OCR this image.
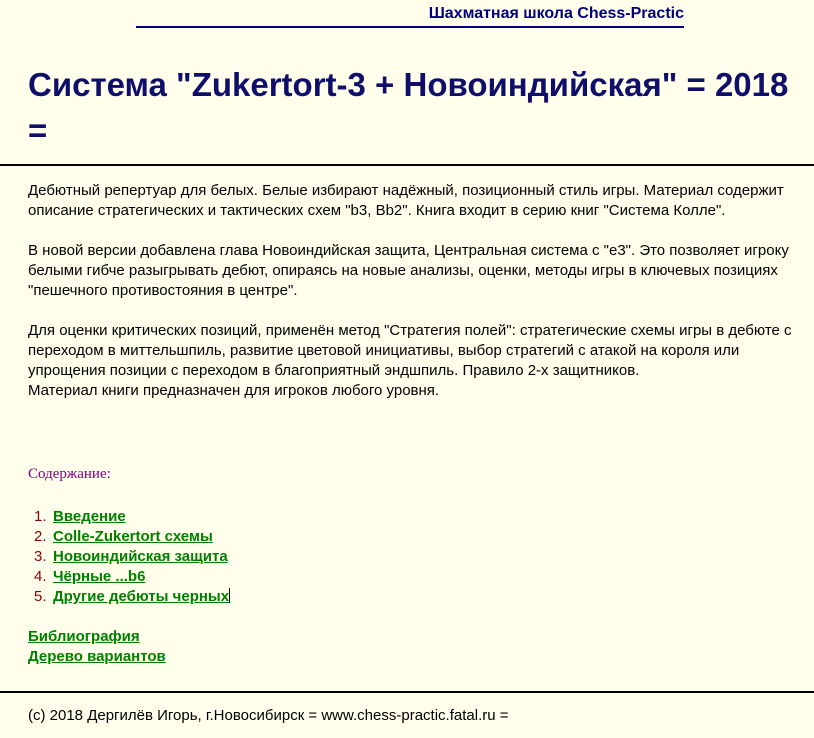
Шахматная школа Chess-Practic
Система "Zukertort-3 + Новоиндийская" = 2018 =

Дебютный репертуар для белых. Белые избирают надёжный, позиционный стиль игры. Материал содержит описание стратегических и тактических схем "b3, Bb2". Книга входит в серию книг "Система Колле".

В новой версии добавлена глава Новоиндийская защита, Центральная система с "e3". Это позволяет игроку белыми гибче разыгрывать дебют, опираясь на новые анализы, оценки, методы игры в ключевых позициях "пешечного противостояния в центре".

Для оценки критических позиций, применён метод "Стратегия полей": стратегические схемы игры в дебюте с переходом в миттельшпиль, развитие цветовой инициативы, выбор стратегий с атакой на короля или упрощения позиции с переходом в благоприятный эндшпиль. Правило 2-х защитников.

Материал книги предназначен для игроков любого уровня.

Содержание:
1. Введение
2. Colle-Zukertort схемы
3. Новоиндийская защита
4. Чёрные ...b6
5. Другие дебюты черных
Библиография
Дерево вариантов
(c) 2018 Дергилёв Игорь, г.Новосибирск = www.chess-practic.fatal.ru =
